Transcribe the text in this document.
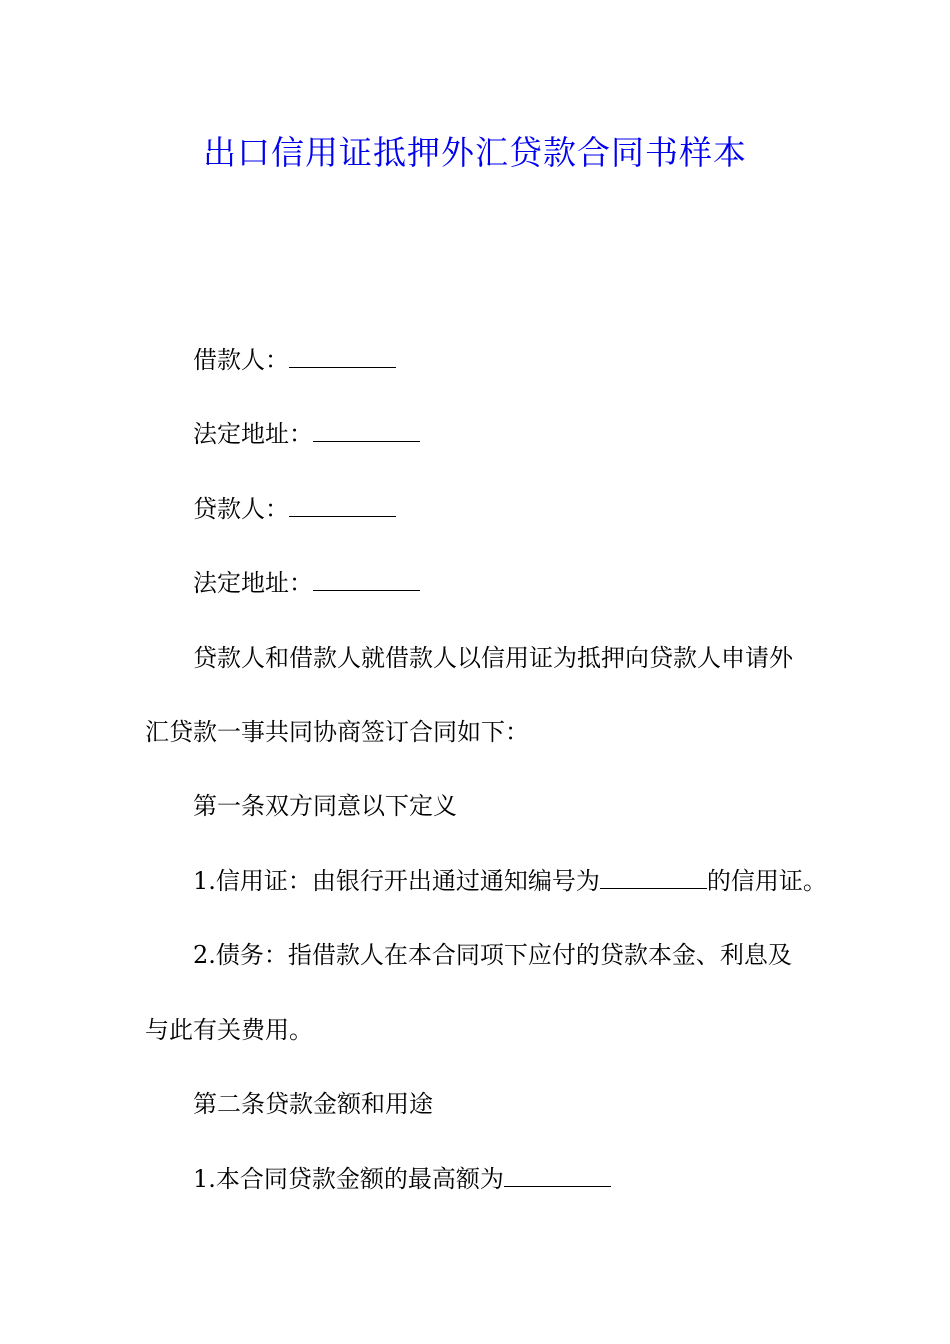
出口信用证抵押外汇贷款合同书样本

借款人：

法定地址：

贷款人：

法定地址：

贷款人和借款人就借款人以信用证为抵押向贷款人申请外

汇贷款一事共同协商签订合同如下：

第一条双方同意以下定义

1.信用证：由银行开出通过通知编号为	的信用证。

2.债务：指借款人在本合同项下应付的贷款本金、利息及

与此有关费用。

第二条贷款金额和用途

1.本合同贷款金额的最高额为
